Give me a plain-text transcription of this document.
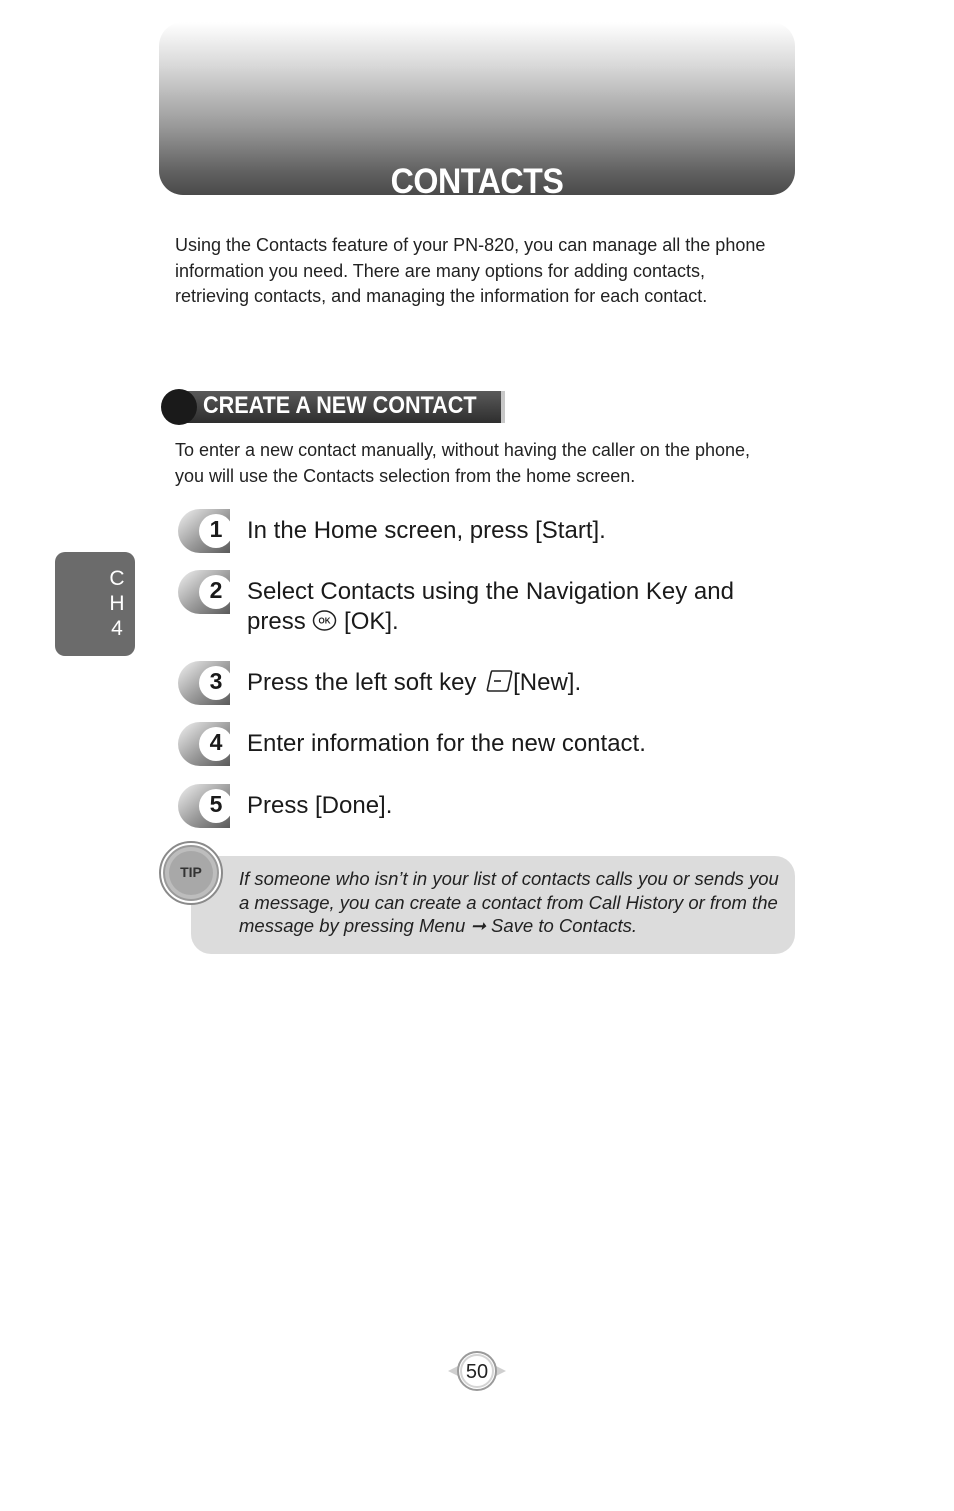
CONTACTS

Using the Contacts feature of your PN-820, you can manage all the phone information you need. There are many options for adding contacts, retrieving contacts, and managing the information for each contact.

CREATE A NEW CONTACT

To enter a new contact manually, without having the caller on the phone, you will use the Contacts selection from the home screen.

C
H
4
1 In the Home screen, press [Start].
2 Select Contacts using the Navigation Key and press OK [OK].
3 Press the left soft key [New].
4 Enter information for the new contact.
5 Press [Done].
TIP	If someone who isn’t in your list of contacts calls you or sends you a message, you can create a contact from Call History or from the message by pressing Menu ➞ Save to Contacts.

50
